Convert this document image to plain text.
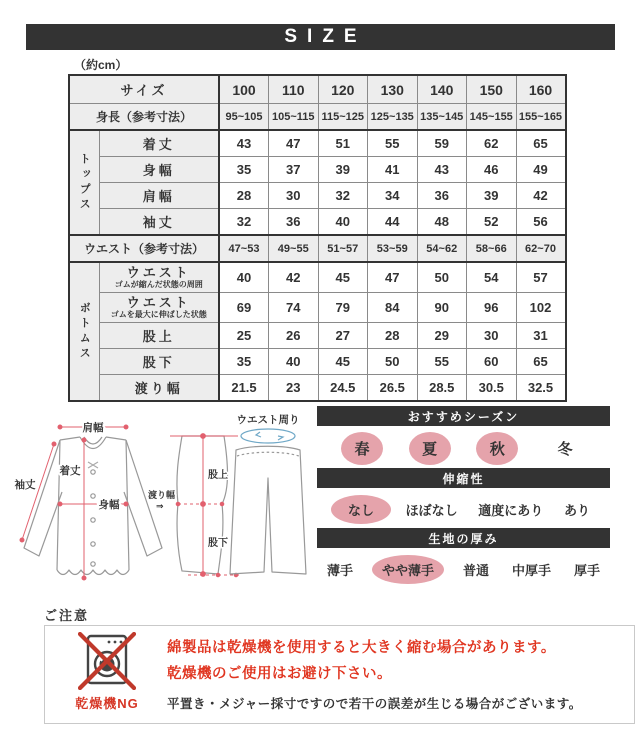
SIZE
（約cm）
サイズ		100	110	120	130	140	150	160
身長（参考寸法）		95~105	105~115	115~125	125~135	135~145	145~155	155~165
トップス	着丈	43	47	51	55	59	62	65
	身幅	35	37	39	41	43	46	49
	肩幅	28	30	32	34	36	39	42
	袖丈	32	36	40	44	48	52	56
ウエスト（参考寸法）		47~53	49~55	51~57	53~59	54~62	58~66	62~70
ボトムス	ウエスト
ゴムが縮んだ状態の周囲	40	42	45	47	50	54	57

	ウエスト
ゴムを最大に伸ばした状態	69	74	79	84	90	96	102
	股上	25	26	27	28	29	30	31
	股下	35	40	45	50	55	60	65
	渡り幅	21.5	23	24.5	26.5	28.5	30.5	32.5
肩幅
袖丈
着丈
身幅
股上
股下
渡り幅
⇒
ウエスト周り	おすすめシーズン
春	夏	秋	冬
伸縮性
なし	ほぼなし	適度にあり	あり
生地の厚み
薄手	やや薄手	普通	中厚手	厚手
ご注意
乾燥機NG
綿製品は乾燥機を使用すると大きく縮む場合があります。
乾燥機のご使用はお避け下さい。
平置き・メジャー採寸ですので若干の誤差が生じる場合がございます。
